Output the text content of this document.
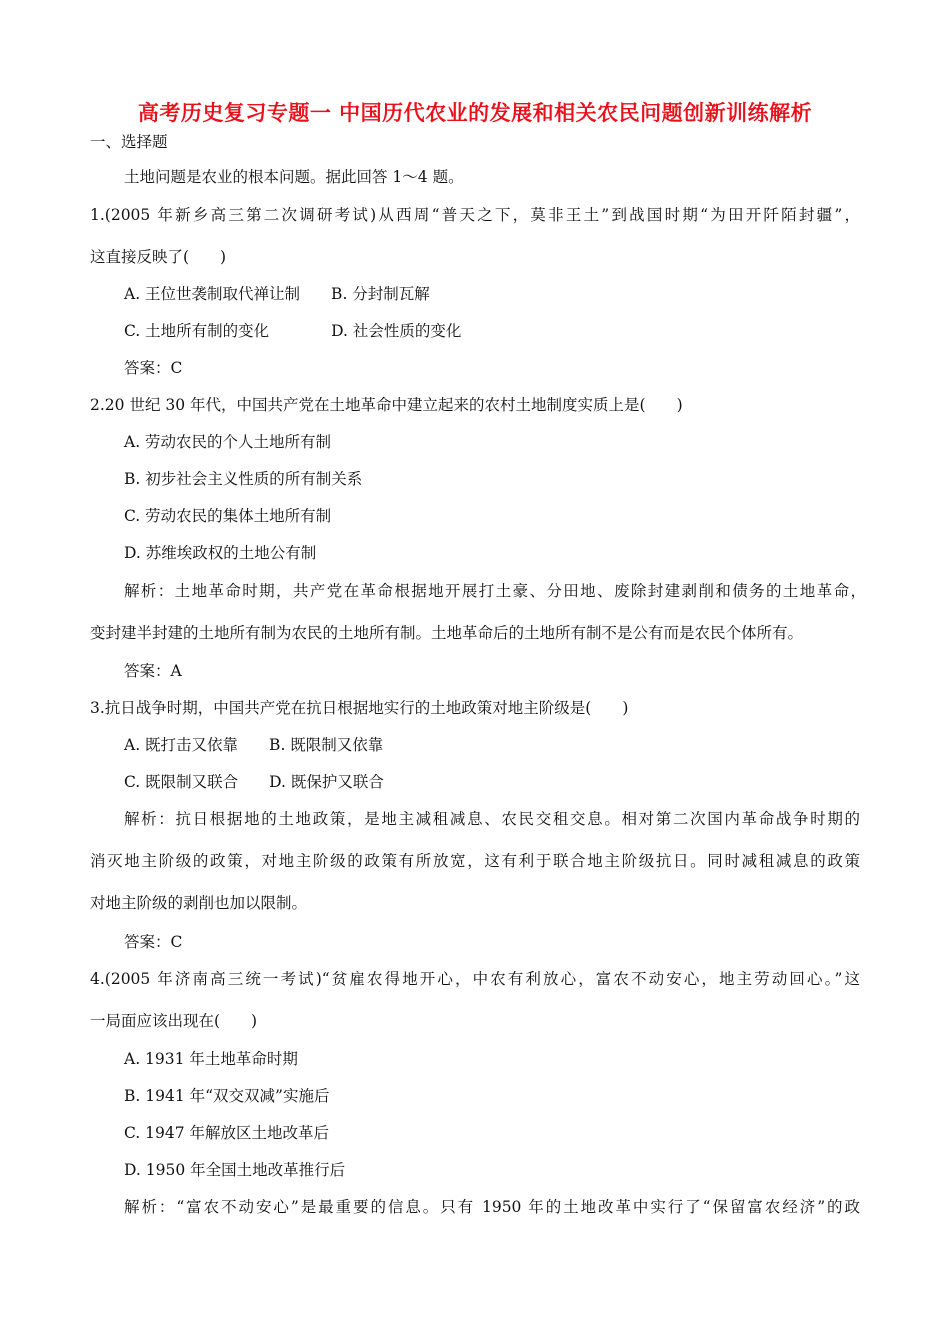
高考历史复习专题一 中国历代农业的发展和相关农民问题创新训练解析
一、选择题
土地问题是农业的根本问题。据此回答 1～4 题。
1.(2005 年新乡高三第二次调研考试)从西周“普天之下，莫非王土”到战国时期“为田开阡陌封疆”，
这直接反映了(　　)
A. 王位世袭制取代禅让制　　B. 分封制瓦解
C. 土地所有制的变化　　　　D. 社会性质的变化
答案：C
2.20 世纪 30 年代，中国共产党在土地革命中建立起来的农村土地制度实质上是(　　)
A. 劳动农民的个人土地所有制
B. 初步社会主义性质的所有制关系
C. 劳动农民的集体土地所有制
D. 苏维埃政权的土地公有制
解析：土地革命时期，共产党在革命根据地开展打土豪、分田地、废除封建剥削和债务的土地革命，
变封建半封建的土地所有制为农民的土地所有制。土地革命后的土地所有制不是公有而是农民个体所有。
答案：A
3.抗日战争时期，中国共产党在抗日根据地实行的土地政策对地主阶级是(　　)
A. 既打击又依靠　　B. 既限制又依靠
C. 既限制又联合　　D. 既保护又联合
解析：抗日根据地的土地政策，是地主减租减息、农民交租交息。相对第二次国内革命战争时期的
消灭地主阶级的政策，对地主阶级的政策有所放宽，这有利于联合地主阶级抗日。同时减租减息的政策
对地主阶级的剥削也加以限制。
答案：C
4.(2005 年济南高三统一考试)“贫雇农得地开心，中农有利放心，富农不动安心，地主劳动回心。”这
一局面应该出现在(　　)
A. 1931 年土地革命时期
B. 1941 年“双交双减”实施后
C. 1947 年解放区土地改革后
D. 1950 年全国土地改革推行后
解析：“富农不动安心”是最重要的信息。只有 1950 年的土地改革中实行了“保留富农经济”的政
